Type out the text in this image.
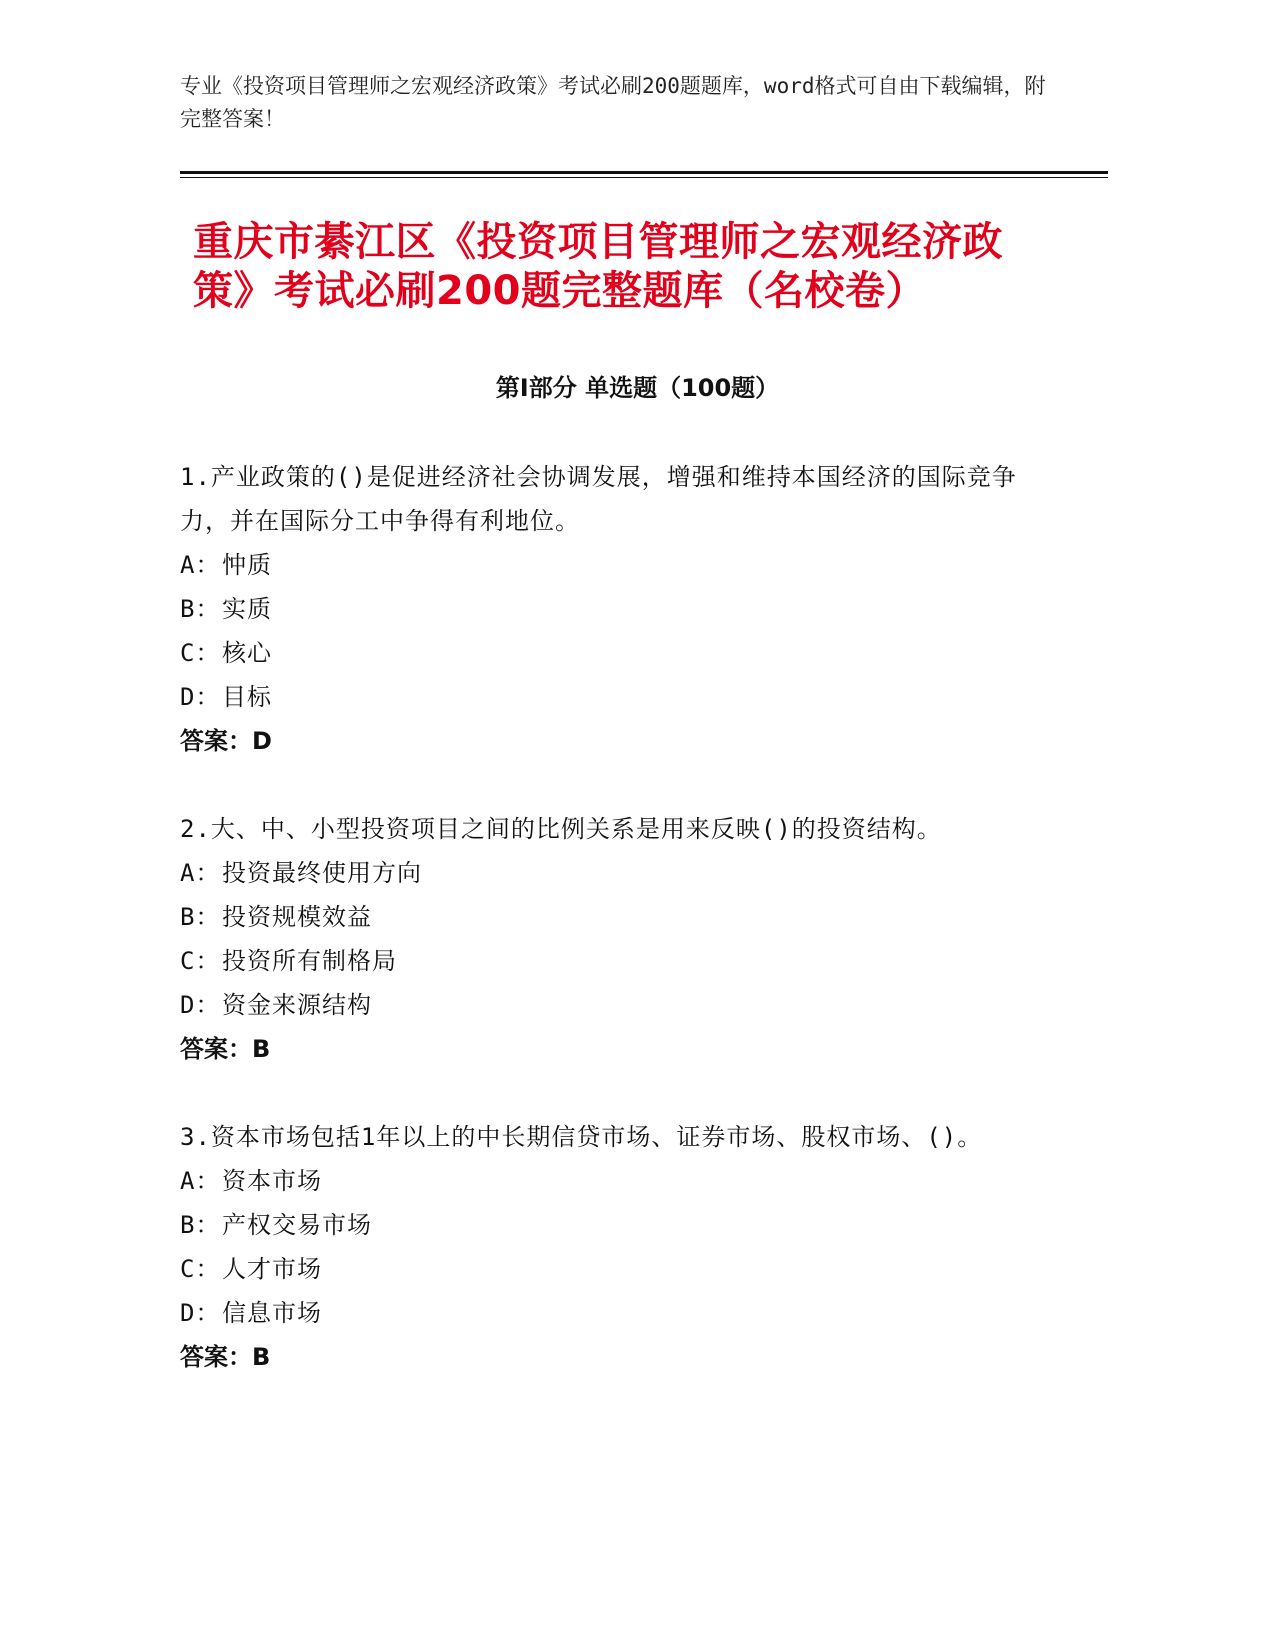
专业《投资项目管理师之宏观经济政策》考试必刷200题题库，word格式可自由下载编辑，附完整答案！
重庆市綦江区《投资项目管理师之宏观经济政策》考试必刷200题完整题库（名校卷）
第I部分 单选题（100题）

1.产业政策的()是促进经济社会协调发展，增强和维持本国经济的国际竞争力，并在国际分工中争得有利地位。

A：忡质

B：实质

C：核心

D：目标

答案：D

2.大、中、小型投资项目之间的比例关系是用来反映()的投资结构。

A：投资最终使用方向

B：投资规模效益

C：投资所有制格局

D：资金来源结构

答案：B

3.资本市场包括1年以上的中长期信贷市场、证券市场、股权市场、()。

A：资本市场

B：产权交易市场

C：人才市场

D：信息市场

答案：B
